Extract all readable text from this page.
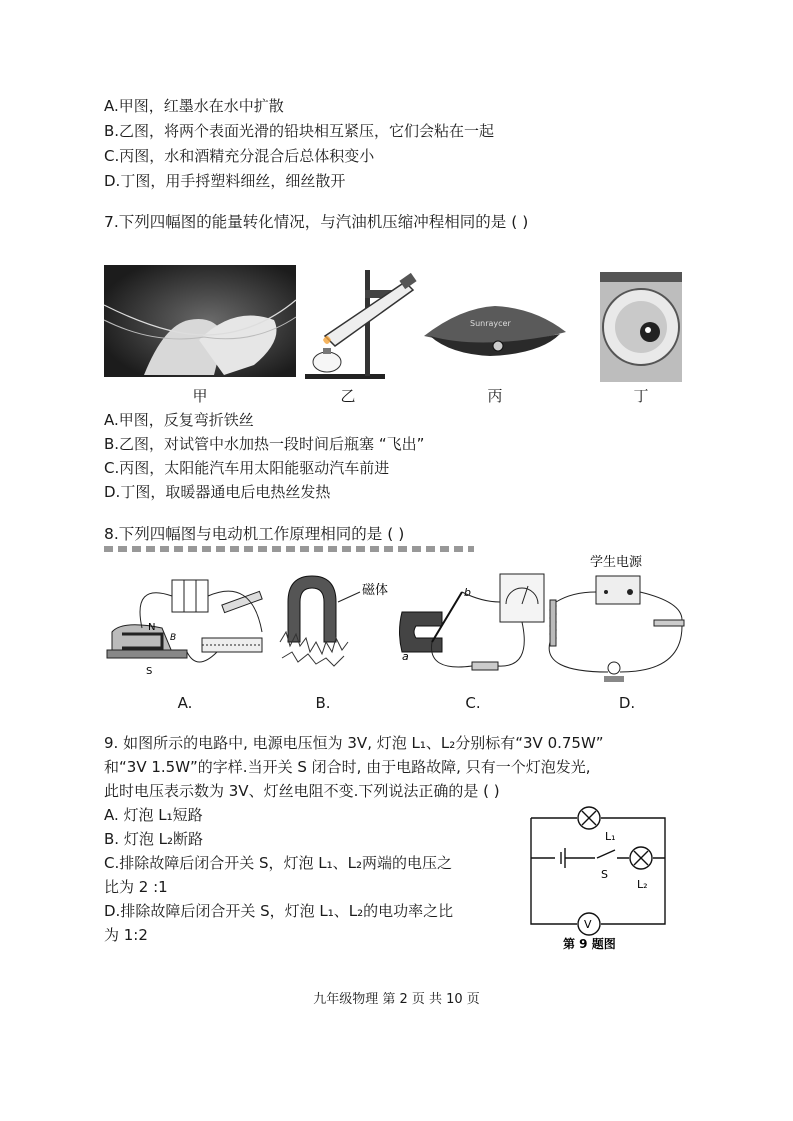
A.甲图，红墨水在水中扩散
B.乙图，将两个表面光滑的铅块相互紧压，它们会粘在一起
C.丙图，水和酒精充分混合后总体积变小
D.丁图，用手捋塑料细丝，细丝散开
7.下列四幅图的能量转化情况，与汽油机压缩冲程相同的是 ( )
Sunraycer
甲	乙	丙	丁
A.甲图，反复弯折铁丝
B.乙图，对试管中水加热一段时间后瓶塞 “飞出”
C.丙图，太阳能汽车用太阳能驱动汽车前进
D.丁图，取暖器通电后电热丝发热
8.下列四幅图与电动机工作原理相同的是 ( )
N
S
B
磁体	b
a
学生电源
A.	B.	C.	D.
9. 如图所示的电路中, 电源电压恒为 3V, 灯泡 L₁、L₂分别标有“3V 0.75W”
和“3V 1.5W”的字样.当开关 S 闭合时, 由于电路故障, 只有一个灯泡发光,
此时电压表示数为 3V、灯丝电阻不变.下列说法正确的是 ( )
A. 灯泡 L₁短路
B. 灯泡 L₂断路
C.排除故障后闭合开关 S，灯泡 L₁、L₂两端的电压之
比为 2 :1
D.排除故障后闭合开关 S，灯泡 L₁、L₂的电功率之比
为 1:2
L₁
S
L₂
V
第 9 题图
九年级物理 第 2 页 共 10 页
